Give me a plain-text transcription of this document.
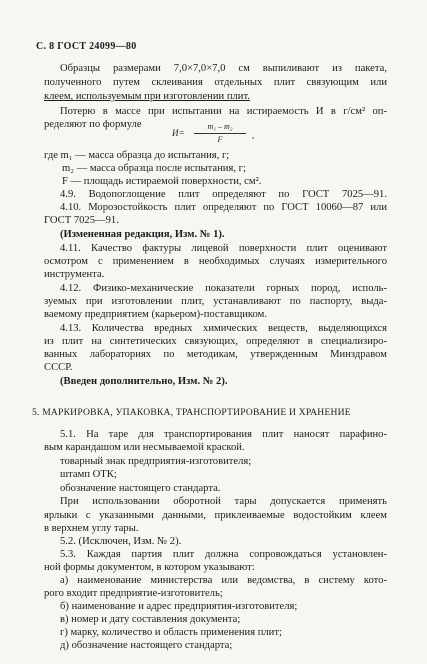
С. 8 ГОСТ 24099—80
Образцы размерами 7,0×7,0×7,0 см выпиливают из пакета,
полученного путем склеивания отдельных плит связующим или
клеем, используемым при изготовлении плит.
Потерю в массе при испытании на истираемость И в г/см² оп-
ределяют по формуле
И=
m₁ – m₂
F	,
где m₁ — масса образца до испытания, г;
m₂ — масса образца после испытания, г;
F — площадь истираемой поверхности, см².
4.9. Водопоглощение плит определяют по ГОСТ 7025—91.
4.10. Морозостойкость плит определяют по ГОСТ 10060—87 или
ГОСТ 7025—91.
(Измененная редакция, Изм. № 1).
4.11. Качество фактуры лицевой поверхности плит оценивают
осмотром с применением в необходимых случаях измерительного
инструмента.
4.12. Физико-механические показатели горных пород, исполь-
зуемых при изготовлении плит, устанавливают по паспорту, выда-
ваемому предприятием (карьером)-поставщиком.
4.13. Количества вредных химических веществ, выделяющихся
из плит на синтетических связующих, определяют в специализиро-
ванных лабораториях по методикам, утвержденным Минздравом
СССР.
(Введен дополнительно, Изм. № 2).
5. МАРКИРОВКА, УПАКОВКА, ТРАНСПОРТИРОВАНИЕ И ХРАНЕНИЕ
5.1. На таре для транспортирования плит наносят парафино-
вым карандашом или несмываемой краской.
товарный знак предприятия-изготовителя;
штамп ОТК;
обозначение настоящего стандарта.
При использовании оборотной тары допускается применять
ярлыки с указанными данными, приклеиваемые водостойким клеем
в верхнем углу тары.
5.2. (Исключен, Изм. № 2).
5.3. Каждая партия плит должна сопровождаться установлен-
ной формы документом, в котором указывают:
а) наименование министерства или ведомства, в систему кото-
рого входит предприятие-изготовитель;
б) наименование и адрес предприятия-изготовителя;
в) номер и дату составления документа;
г) марку, количество и область применения плит;
д) обозначение настоящего стандарта;
